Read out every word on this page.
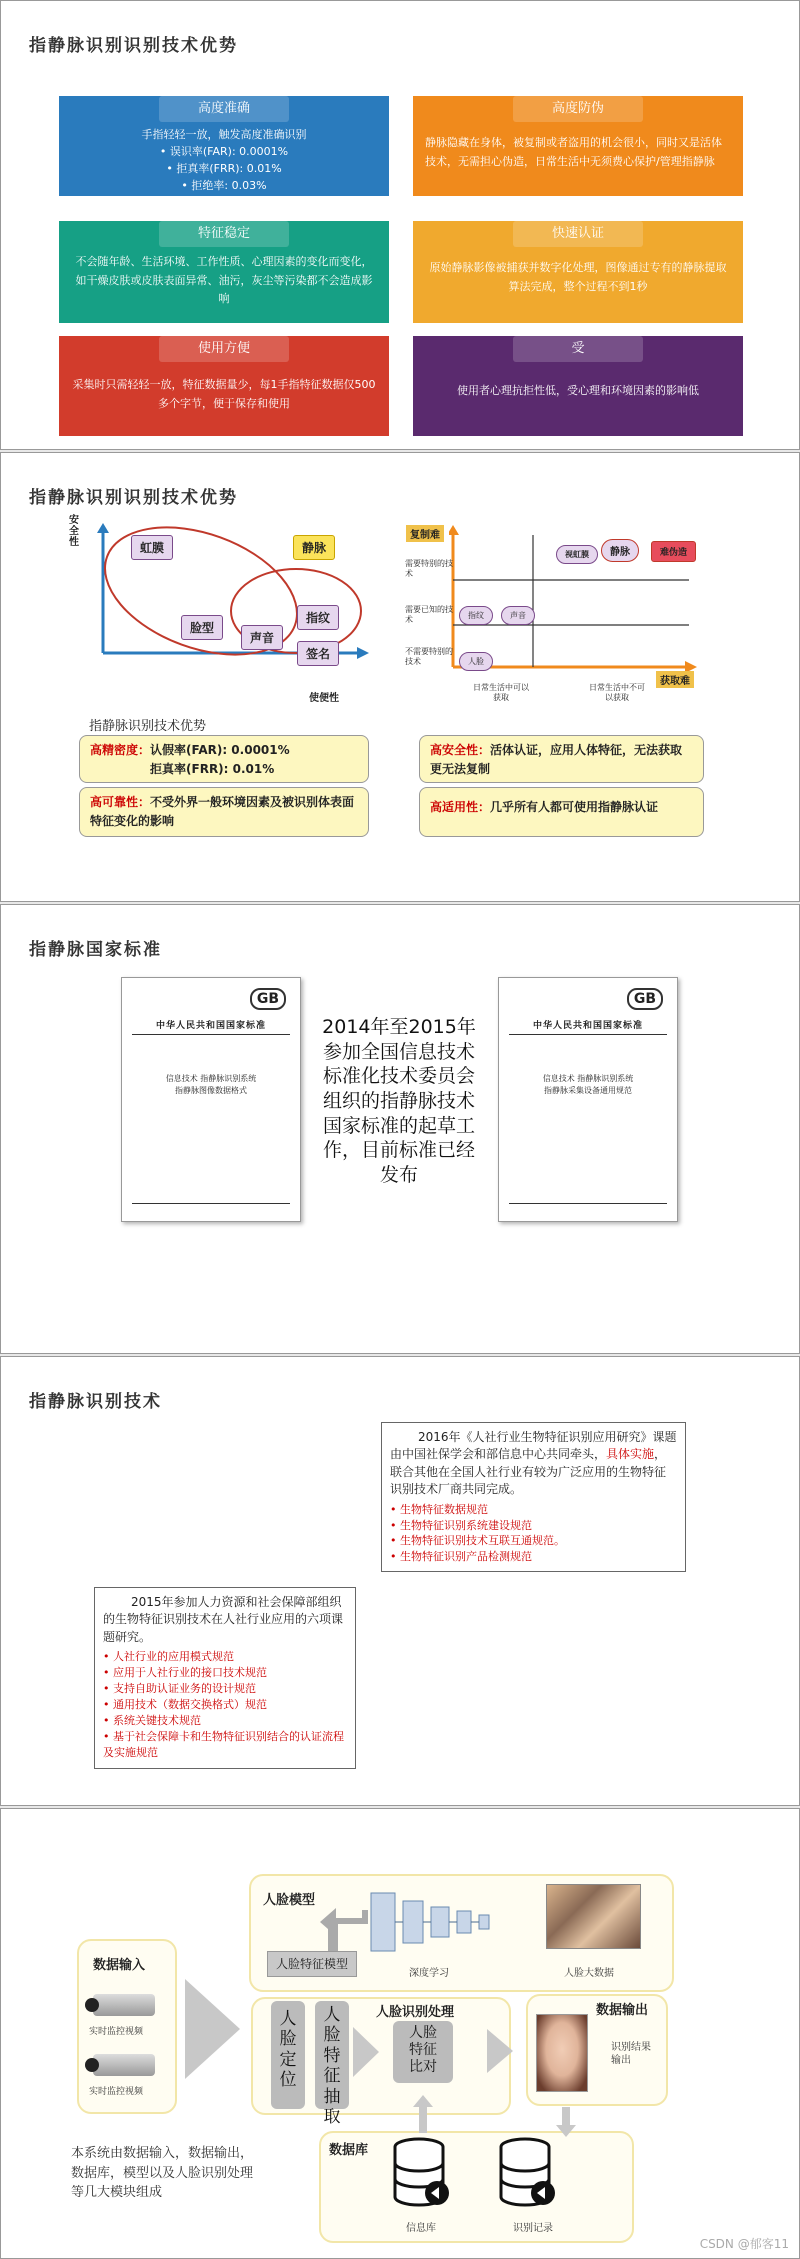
指静脉识别识别技术优势
高度准确
手指轻轻一放，触发高度准确识别
• 误识率(FAR): 0.0001%
• 拒真率(FRR): 0.01%
• 拒绝率: 0.03%
高度防伪
静脉隐藏在身体，被复制或者盗用的机会很小，同时又是活体技术，无需担心伪造，日常生活中无须费心保护/管理指静脉
特征稳定
不会随年龄、生活环境、工作性质、心理因素的变化而变化，如干燥皮肤或皮肤表面异常、油污，灰尘等污染都不会造成影响
快速认证
原始静脉影像被捕获并数字化处理，图像通过专有的静脉提取算法完成，整个过程不到1秒
使用方便
采集时只需轻轻一放，特征数据量少，每1手指特征数据仅500多个字节，便于保存和使用
受
使用者心理抗拒性低，受心理和环境因素的影响低
指静脉识别识别技术优势
安全性
使便性
虹膜	静脉
脸型
声音
指纹
签名
复制难
获取难
需要特别的技术
需要已知的技术
不需要特别的技术
日常生活中可以获取
日常生活中不可以获取
视虹膜	静脉	难伪造
指纹	声音
人脸
指静脉识别技术优势
高精密度： 认假率(FAR): 0.0001%
拒真率(FRR): 0.01%
高可靠性：不受外界一般环境因素及被识别体表面特征变化的影响
高安全性：活体认证，应用人体特征，无法获取更无法复制
高适用性：几乎所有人都可使用指静脉认证
指静脉国家标准
GB
中华人民共和国国家标准
信息技术 指静脉识别系统
指静脉图像数据格式
2014年至2015年参加全国信息技术标准化技术委员会组织的指静脉技术国家标准的起草工作，目前标准已经发布
GB
中华人民共和国国家标准
信息技术 指静脉识别系统
指静脉采集设备通用规范
指静脉识别技术
2016年《人社行业生物特征识别应用研究》课题由中国社保学会和部信息中心共同牵头，具体实施，联合其他在全国人社行业有较为广泛应用的生物特征识别技术厂商共同完成。
• 生物特征数据规范
• 生物特征识别系统建设规范
• 生物特征识别技术互联互通规范。
• 生物特征识别产品检测规范
2015年参加人力资源和社会保障部组织的生物特征识别技术在人社行业应用的六项课题研究。
• 人社行业的应用模式规范
• 应用于人社行业的接口技术规范
• 支持自助认证业务的设计规范
• 通用技术（数据交换格式）规范
• 系统关键技术规范
• 基于社会保障卡和生物特征识别结合的认证流程及实施规范
人脸模型
深度学习	人脸大数据
人脸特征模型
数据输入
实时监控视频
实时监控视频
人脸识别处理
人脸定位
人脸特征抽取
人脸特征比对
数据输出
识别结果输出
数据库
信息库	识别记录
本系统由数据输入，数据输出，数据库，模型以及人脸识别处理等几大模块组成
CSDN @郁客11
